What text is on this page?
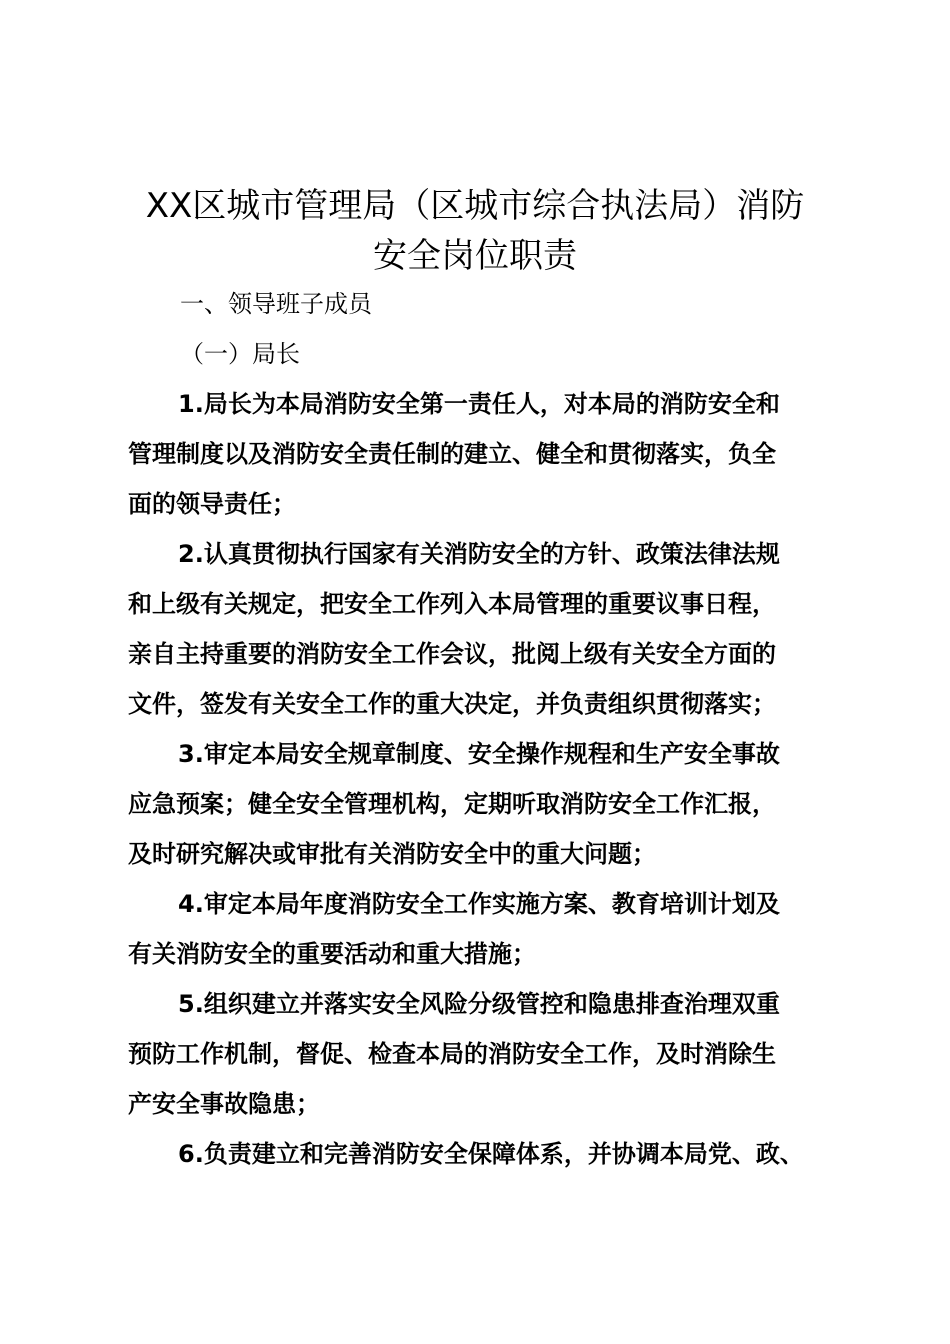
XX区城市管理局（区城市综合执法局）消防
安全岗位职责

一、领导班子成员

（一）局长

1.局长为本局消防安全第一责任人，对本局的消防安全和
管理制度以及消防安全责任制的建立、健全和贯彻落实，负全
面的领导责任；
2.认真贯彻执行国家有关消防安全的方针、政策法律法规
和上级有关规定，把安全工作列入本局管理的重要议事日程，
亲自主持重要的消防安全工作会议，批阅上级有关安全方面的
文件，签发有关安全工作的重大决定，并负责组织贯彻落实；
3.审定本局安全规章制度、安全操作规程和生产安全事故
应急预案；健全安全管理机构，定期听取消防安全工作汇报，
及时研究解决或审批有关消防安全中的重大问题；
4.审定本局年度消防安全工作实施方案、教育培训计划及
有关消防安全的重要活动和重大措施；
5.组织建立并落实安全风险分级管控和隐患排查治理双重
预防工作机制，督促、检查本局的消防安全工作，及时消除生
产安全事故隐患；
6.负责建立和完善消防安全保障体系，并协调本局党、政、
